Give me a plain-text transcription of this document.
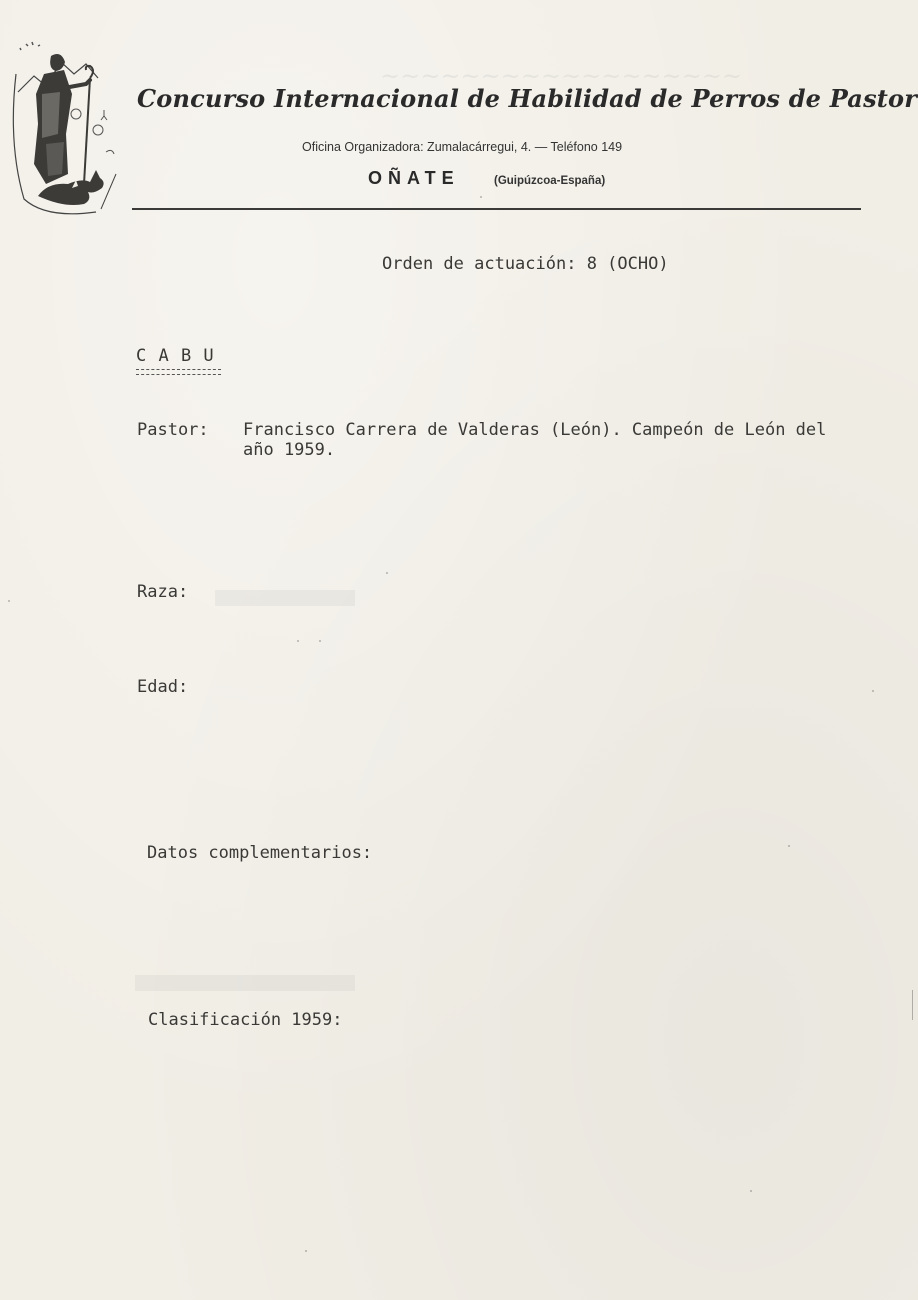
~~~~~~~~~~~~~~~~~~
Concurso Internacional de Habilidad de Perros de Pastor
Oficina Organizadora: Zumalacárregui, 4. — Teléfono 149
OÑATE	(Guipúzcoa-España)
Orden de actuación: 8 (OCHO)
C A B U
Pastor: Francisco Carrera de Valderas (León). Campeón de León del
año 1959.
Raza:
Edad:
Datos complementarios:
Clasificación 1959:
